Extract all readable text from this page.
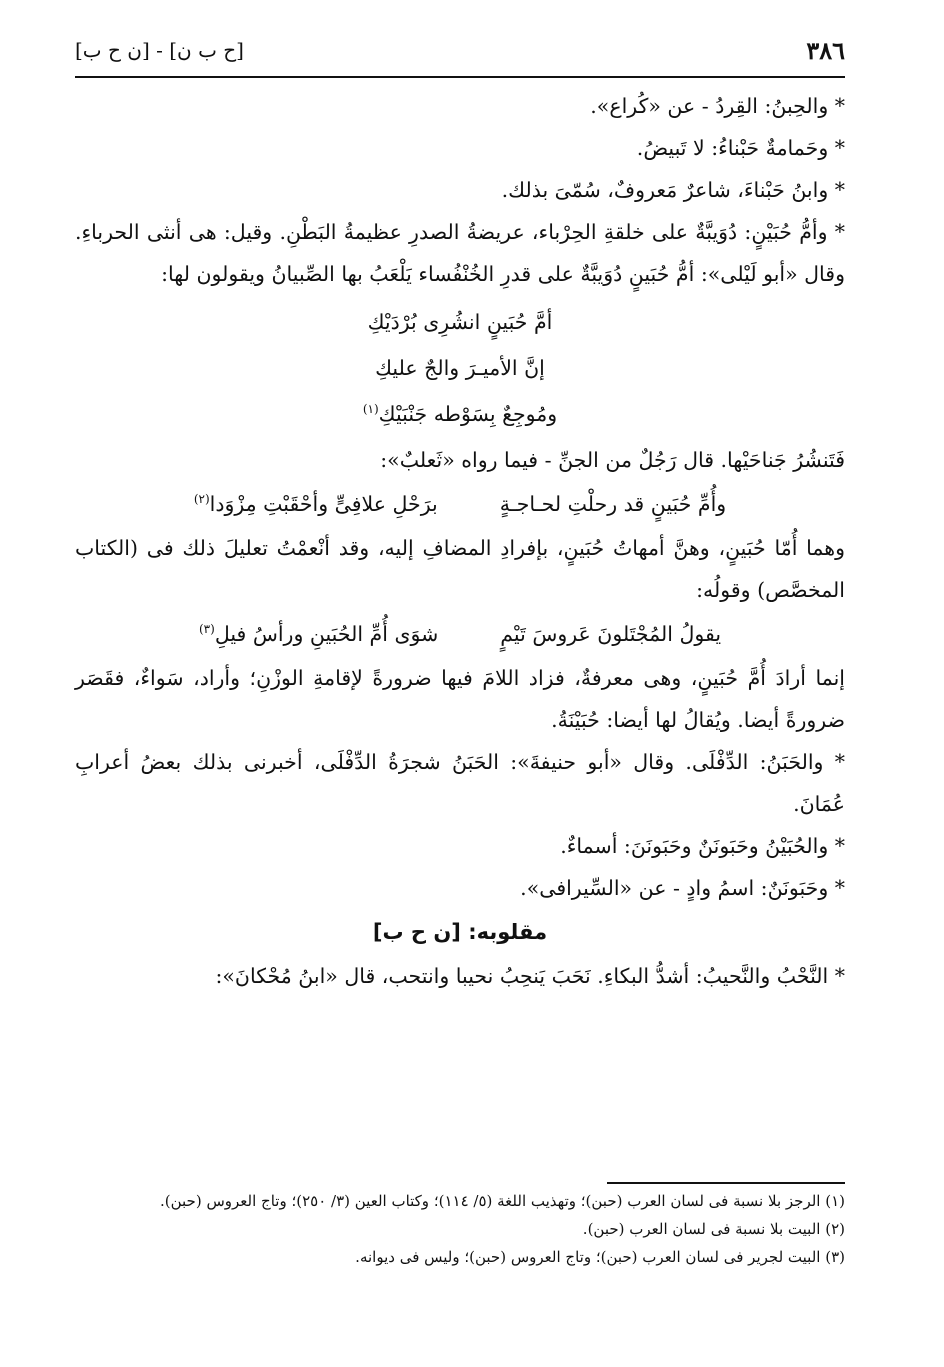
٣٨٦
[ح ب ن] - [ن ح ب]

* والحِبنُ: القِردُ - عن «كُراع».

* وحَمامةٌ حَبْناءُ: لا تَبيضُ.

* وابنُ حَبْناءَ، شاعرٌ مَعروفٌ، سُمّىَ بذلك.

* وأمُّ حُبَيْنٍ: دُوَيبَّةٌ على خلقةِ الحِرْباء، عريضةُ الصدرِ عظيمةُ البَطْنِ. وقيل: هى أنثى الحرباءِ. وقال «أبو لَيْلى»: أمُّ حُبَينٍ دُوَيبَّةٌ على قدرِ الخُنْفُساء يَلْعَبُ بها الصِّبيانُ ويقولون لها:

أمَّ حُبَينٍ انشُرِى بُرْدَيْكِ
إنَّ الأميـرَ والجٌ عليكِ
ومُوجِعٌ بِسَوْطه جَنْبَيْكِ$^{(١)}$

فَتَنشُرُ جَناحَيْها. قال رَجُلٌ من الجنِّ - فيما رواه «ثَعلبٌ»:

وأُمِّ حُبَينٍ قد رحلْتِ لحـاجـةٍ
برَحْلِ علافِىٍّ وأحْقَبْتِ مِزْوَدا$^{(٢)}$

وهما أُمّا حُبَينٍ، وهنَّ أمهاتُ حُبَينٍ، بإفرادِ المضافِ إليه، وقد أنْعمْتُ تعليلَ ذلك فى (الكتاب المخصَّص) وقولُه:

يقولُ المُجْتَلونَ عَروسَ تَيْمٍ
شوَى أُمِّ الحُبَينِ ورأسُ فيلِ$^{(٣)}$

إنما أرادَ أُمَّ حُبَينٍ، وهى معرفةٌ، فزاد اللامَ فيها ضرورةً لإقامةِ الوزْنِ؛ وأراد، سَواءٌ، فقَصَر ضرورةً أيضا. ويُقالُ لها أيضا: حُبَيْنَةُ.

* والحَبَنُ: الدِّفْلَى. وقال «أبو حنيفةَ»: الحَبَنُ شجرَةُ الدِّفْلَى، أخبرنى بذلك بعضُ أعرابِ عُمَانَ.

* والحُبَيْنُ وحَبَونَنٌ وحَبَونَنَ: أسماءٌ.

* وحَبَونَنٌ: اسمُ وادٍ - عن «السِّيرافى».

مقلوبه: [ن ح ب]

* النَّحْبُ والنَّحيبُ: أشدُّ البكاءِ. نَحَبَ يَنحِبُ نحيبا وانتحب، قال «ابنُ مُحْكانَ»:

(١) الرجز بلا نسبة فى لسان العرب (حبن)؛ وتهذيب اللغة (٥/ ١١٤)؛ وكتاب العين (٣/ ٢٥٠)؛ وتاج العروس (حبن).

(٢) البيت بلا نسبة فى لسان العرب (حبن).

(٣) البيت لجرير فى لسان العرب (حبن)؛ وتاج العروس (حبن)؛ وليس فى ديوانه.
